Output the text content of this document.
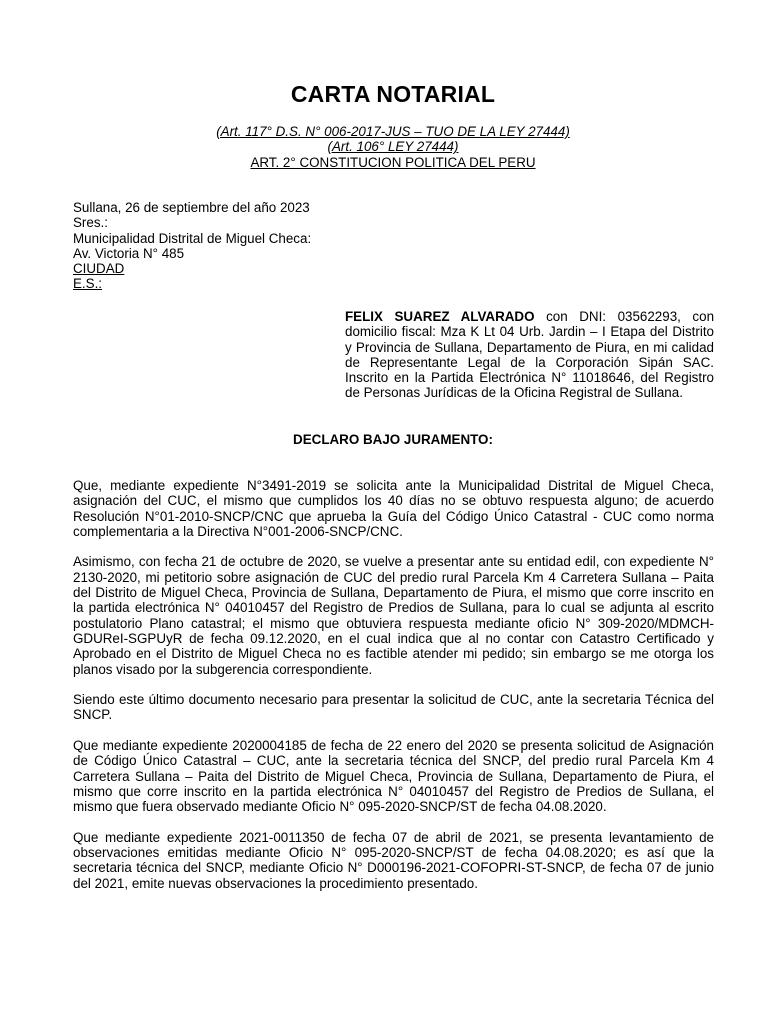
CARTA NOTARIAL
(Art. 117° D.S. N° 006-2017-JUS – TUO DE LA LEY 27444)
(Art. 106° LEY 27444)
ART. 2° CONSTITUCION POLITICA DEL PERU
Sullana, 26 de septiembre del año 2023
Sres.:
Municipalidad Distrital de Miguel Checa:
Av. Victoria N° 485
CIUDAD
E.S.:
FELIX SUAREZ ALVARADO con DNI: 03562293, con domicilio fiscal: Mza K Lt 04 Urb. Jardin – I Etapa del Distrito y Provincia de Sullana, Departamento de Piura, en mi calidad de Representante Legal de la Corporación Sipán SAC. Inscrito en la Partida Electrónica N° 11018646, del Registro de Personas Jurídicas de la Oficina Registral de Sullana.
DECLARO BAJO JURAMENTO:

Que, mediante expediente N°3491-2019 se solicita ante la Municipalidad Distrital de Miguel Checa, asignación del CUC, el mismo que cumplidos los 40 días no se obtuvo respuesta alguno; de acuerdo Resolución N°01-2010-SNCP/CNC que aprueba la Guía del Código Único Catastral - CUC como norma complementaria a la Directiva N°001-2006-SNCP/CNC.

Asimismo, con fecha 21 de octubre de 2020, se vuelve a presentar ante su entidad edil, con expediente N° 2130-2020, mi petitorio sobre asignación de CUC del predio rural Parcela Km 4 Carretera Sullana – Paita del Distrito de Miguel Checa, Provincia de Sullana, Departamento de Piura, el mismo que corre inscrito en la partida electrónica N° 04010457 del Registro de Predios de Sullana, para lo cual se adjunta al escrito postulatorio Plano catastral; el mismo que obtuviera respuesta mediante oficio N° 309-2020/MDMCH-GDUReI-SGPUyR de fecha 09.12.2020, en el cual indica que al no contar con Catastro Certificado y Aprobado en el Distrito de Miguel Checa no es factible atender mi pedido; sin embargo se me otorga los planos visado por la subgerencia correspondiente.

Siendo este último documento necesario para presentar la solicitud de CUC, ante la secretaria Técnica del SNCP.

Que mediante expediente 2020004185 de fecha de 22 enero del 2020 se presenta solicitud de Asignación de Código Único Catastral – CUC, ante la secretaria técnica del SNCP, del predio rural Parcela Km 4 Carretera Sullana – Paita del Distrito de Miguel Checa, Provincia de Sullana, Departamento de Piura, el mismo que corre inscrito en la partida electrónica N° 04010457 del Registro de Predios de Sullana, el mismo que fuera observado mediante Oficio N° 095-2020-SNCP/ST de fecha 04.08.2020.

Que mediante expediente 2021-0011350 de fecha 07 de abril de 2021, se presenta levantamiento de observaciones emitidas mediante Oficio N° 095-2020-SNCP/ST de fecha 04.08.2020; es así que la secretaria técnica del SNCP, mediante Oficio N° D000196-2021-COFOPRI-ST-SNCP, de fecha 07 de junio del 2021, emite nuevas observaciones la procedimiento presentado.
